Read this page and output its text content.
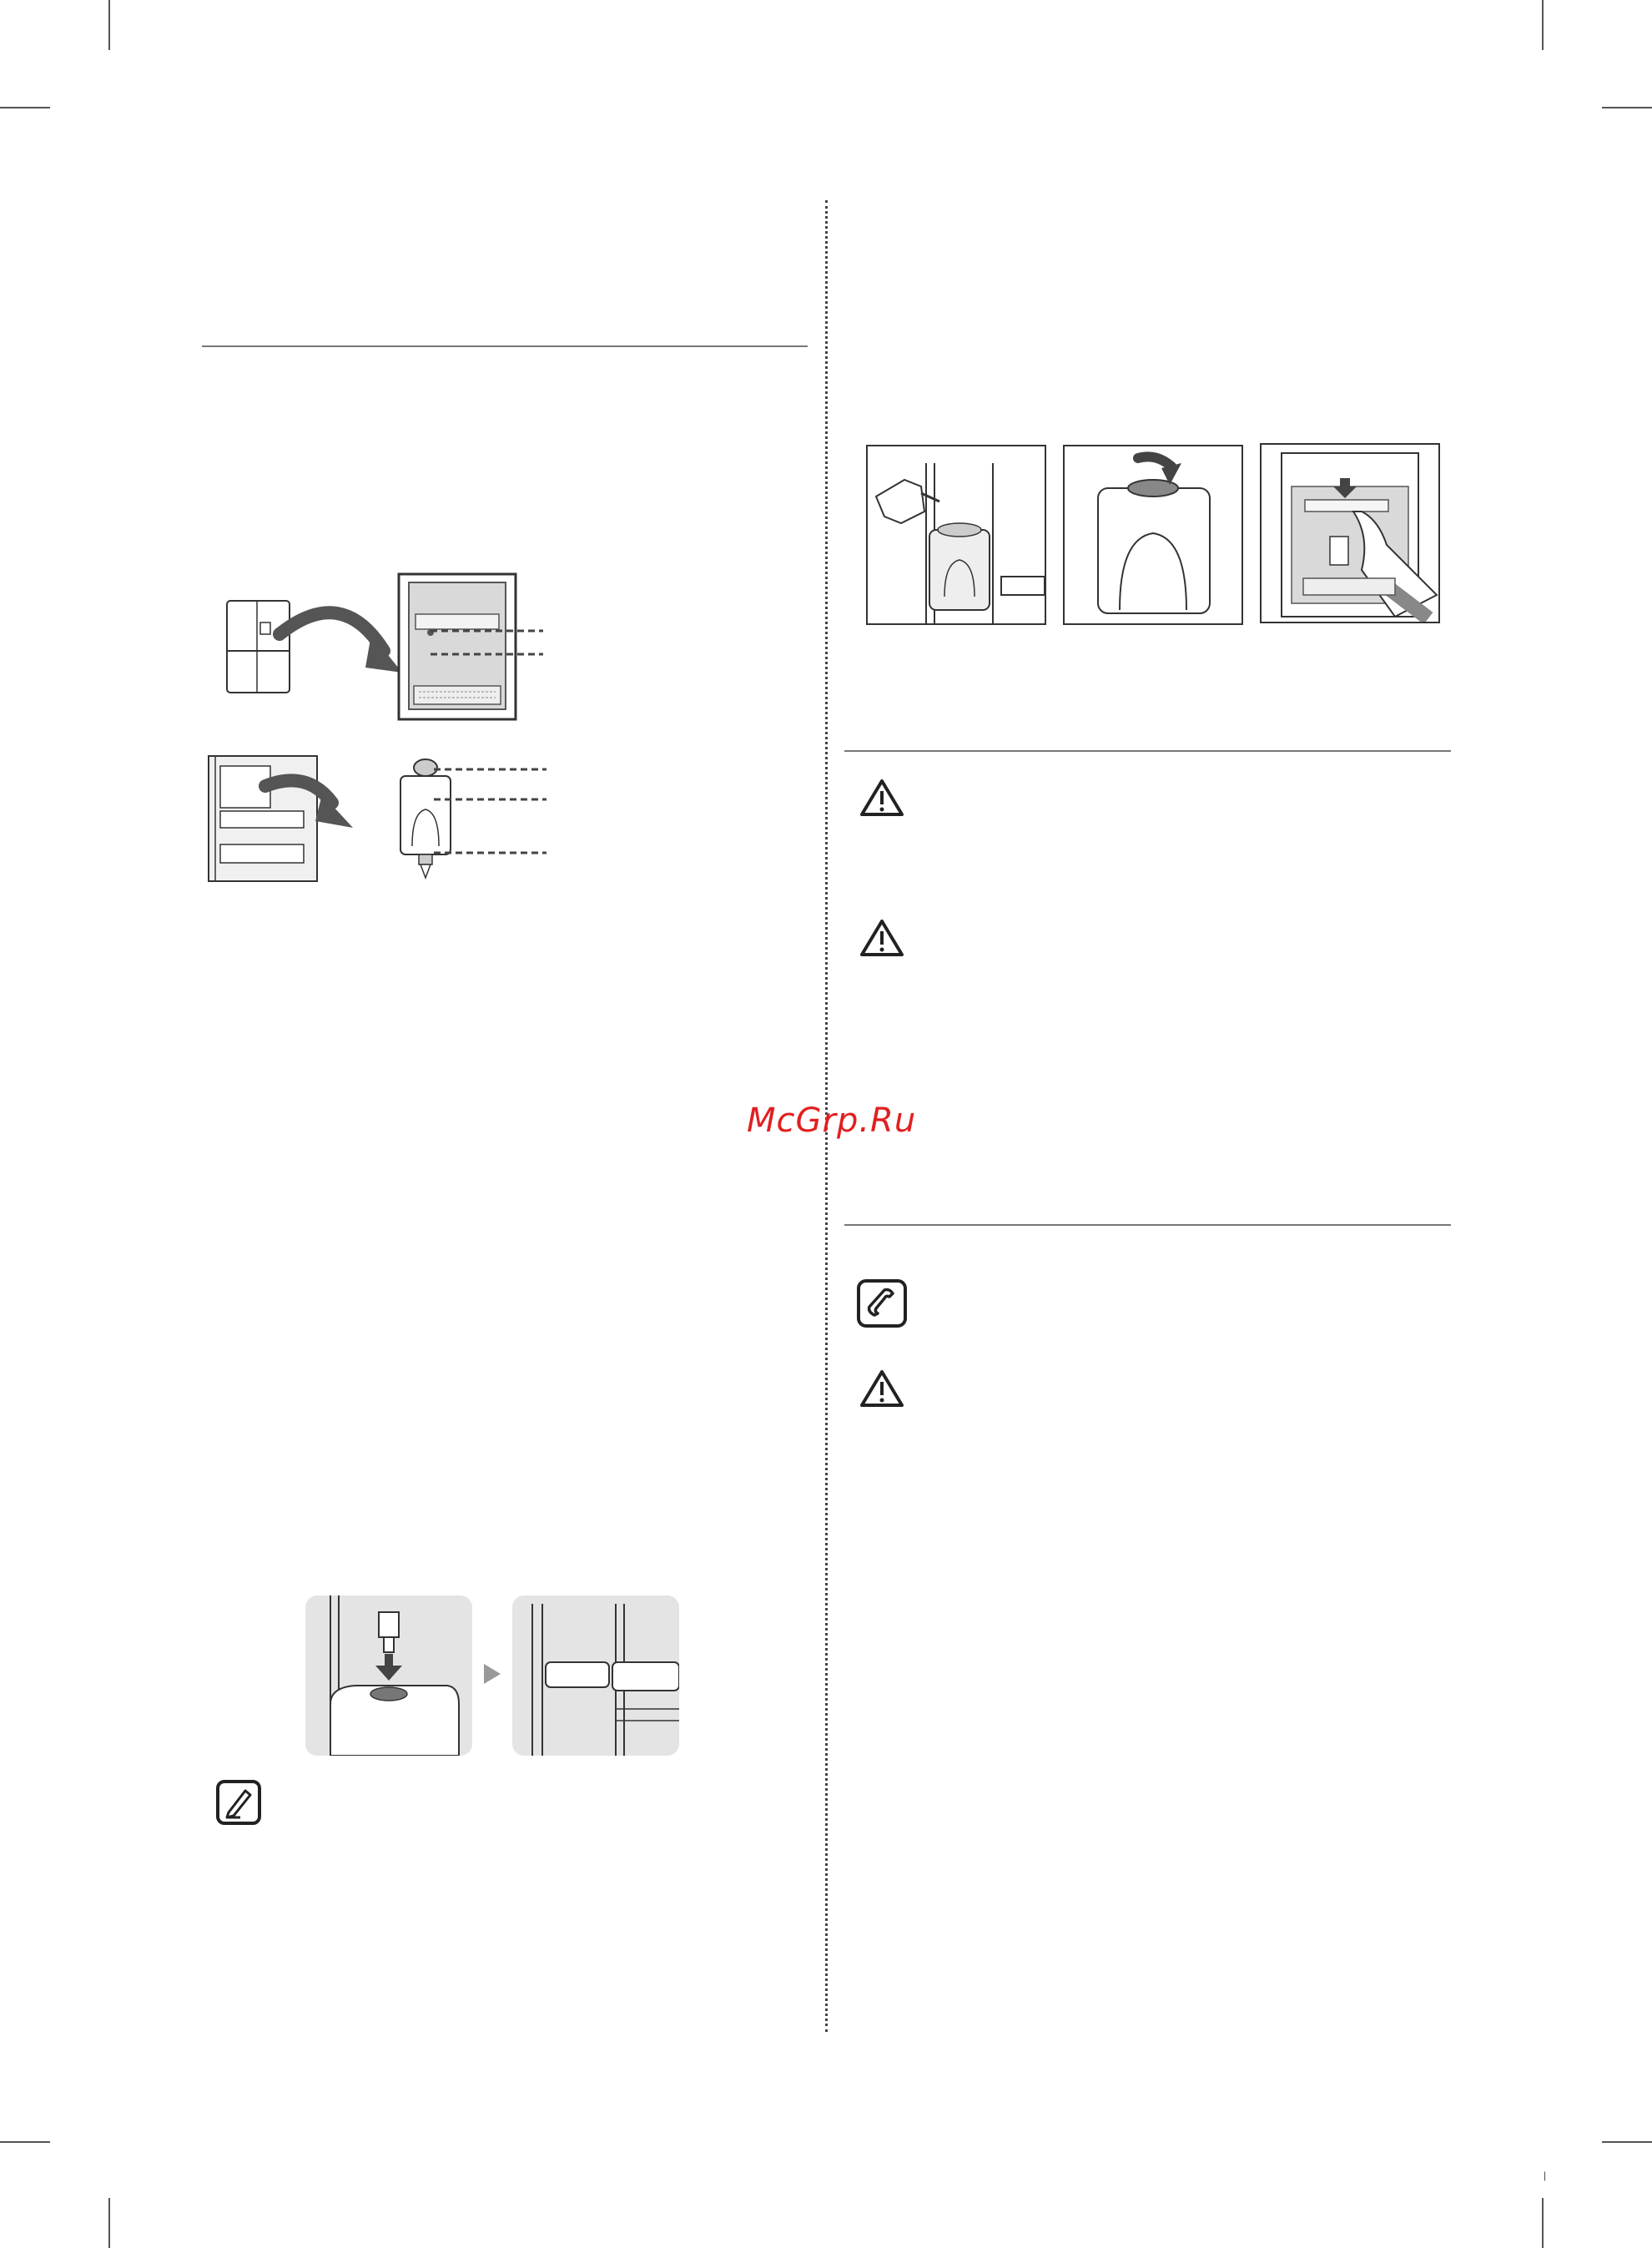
|
McGrp.Ru
